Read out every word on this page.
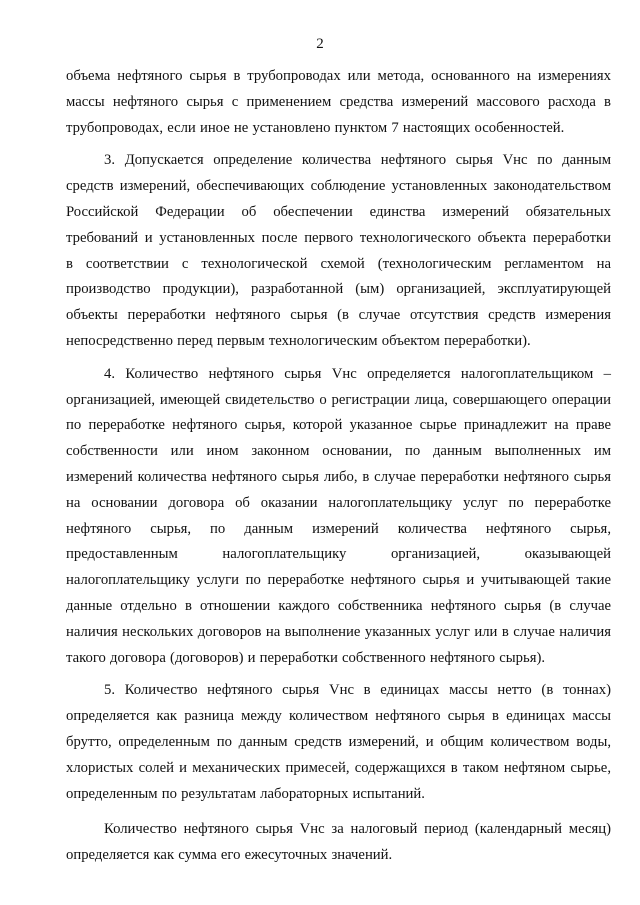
2
объема нефтяного сырья в трубопроводах или метода, основанного на измерениях
массы нефтяного сырья с применением средства измерений массового расхода в
трубопроводах, если иное не установлено пунктом 7 настоящих особенностей.
3. Допускается определение количества нефтяного сырья Vнс по данным
средств измерений, обеспечивающих соблюдение установленных законодательством
Российской Федерации об обеспечении единства измерений обязательных
требований и установленных после первого технологического объекта переработки
в соответствии с технологической схемой (технологическим регламентом на
производство продукции), разработанной (ым) организацией, эксплуатирующей
объекты переработки нефтяного сырья (в случае отсутствия средств измерения
непосредственно перед первым технологическим объектом переработки).
4. Количество нефтяного сырья Vнс определяется налогоплательщиком –
организацией, имеющей свидетельство о регистрации лица, совершающего операции
по переработке нефтяного сырья, которой указанное сырье принадлежит на праве
собственности или ином законном основании, по данным выполненных им
измерений количества нефтяного сырья либо, в случае переработки нефтяного сырья
на основании договора об оказании налогоплательщику услуг по переработке
нефтяного сырья, по данным измерений количества нефтяного сырья,
предоставленным налогоплательщику организацией, оказывающей
налогоплательщику услуги по переработке нефтяного сырья и учитывающей такие
данные отдельно в отношении каждого собственника нефтяного сырья (в случае
наличия нескольких договоров на выполнение указанных услуг или в случае наличия
такого договора (договоров) и переработки собственного нефтяного сырья).
5. Количество нефтяного сырья Vнс в единицах массы нетто (в тоннах)
определяется как разница между количеством нефтяного сырья в единицах массы
брутто, определенным по данным средств измерений, и общим количеством воды,
хлористых солей и механических примесей, содержащихся в таком нефтяном сырье,
определенным по результатам лабораторных испытаний.
Количество нефтяного сырья Vнс за налоговый период (календарный месяц)
определяется как сумма его ежесуточных значений.
